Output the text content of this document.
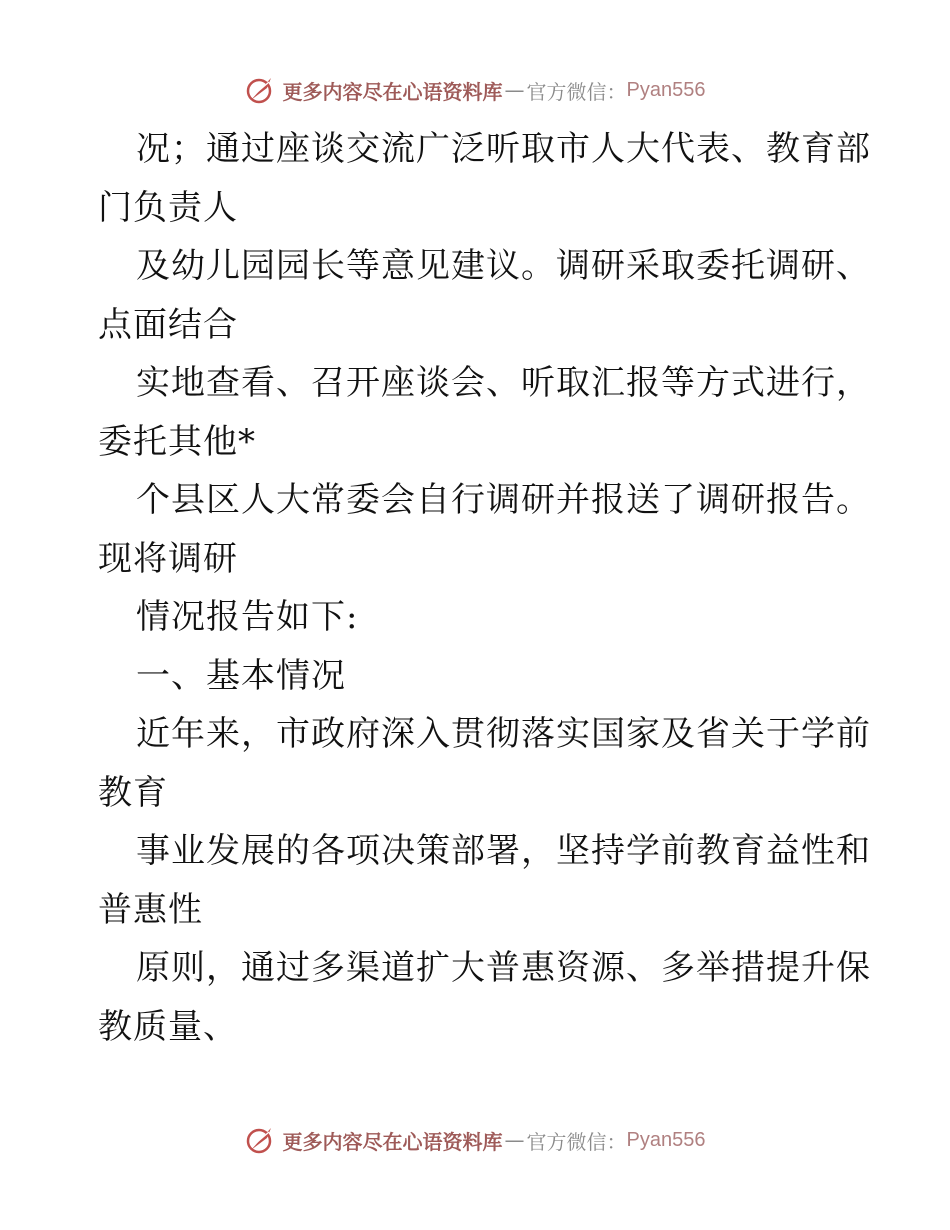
更多内容尽在心语资料库 — 官方微信： Pyan556
况；通过座谈交流广泛听取市人大代表、教育部
门负责人
及幼儿园园长等意见建议。调研采取委托调研、
点面结合
实地查看、召开座谈会、听取汇报等方式进行，
委托其他*
个县区人大常委会自行调研并报送了调研报告。
现将调研
情况报告如下:
一、基本情况
近年来，市政府深入贯彻落实国家及省关于学前
教育
事业发展的各项决策部署，坚持学前教育益性和
普惠性
原则，通过多渠道扩大普惠资源、多举措提升保
教质量、
更多内容尽在心语资料库 — 官方微信： Pyan556
